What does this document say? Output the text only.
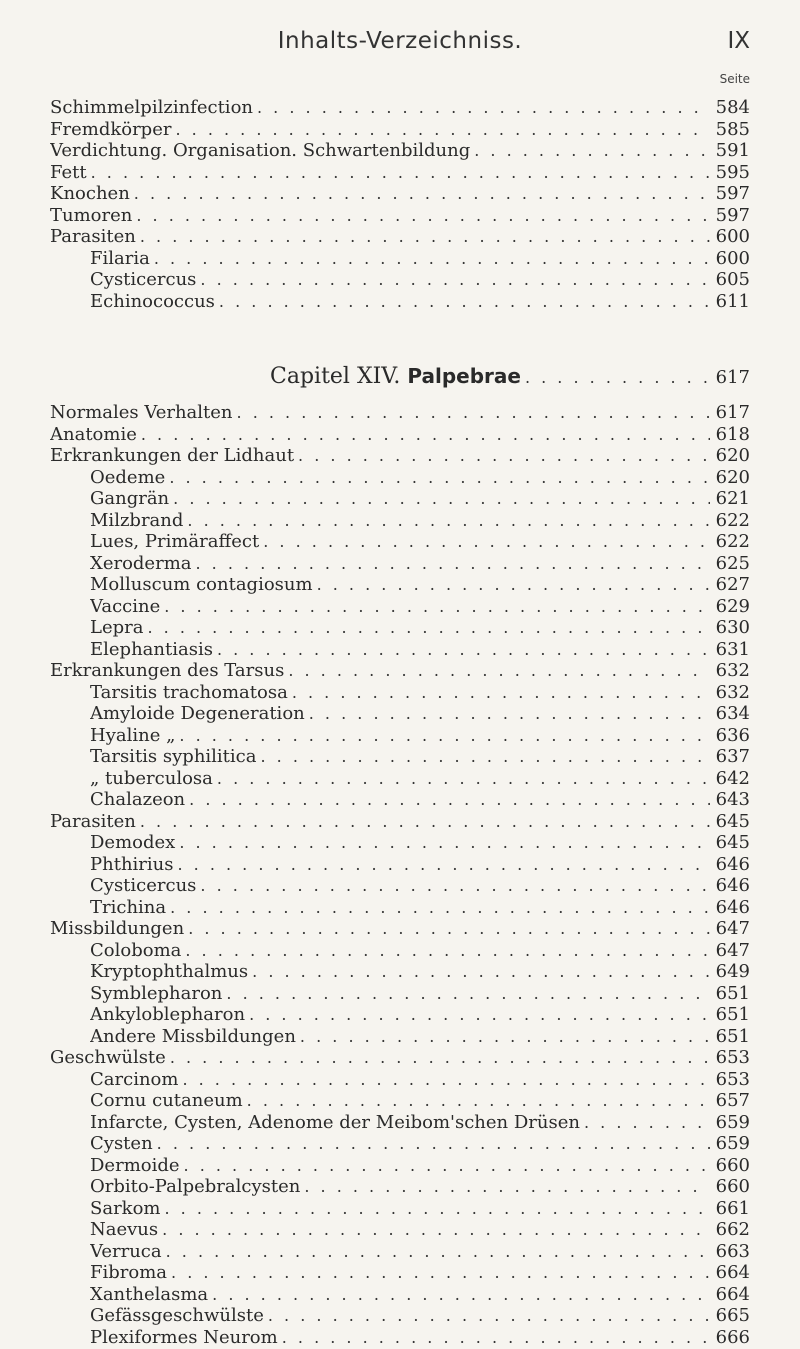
Inhalts-Verzeichniss.	IX
Seite
Schimmelpilzinfection . . .	584
Fremdkörper . . .	585
Verdichtung. Organisation. Schwartenbildung . . .	591
Fett . . .	595
Knochen . . .	597
Tumoren . . .	597
Parasiten . . .	600
Filaria . . .	600
Cysticercus . . .	605
Echinococcus . . .	611
Capitel XIV. Palpebrae . . .	617
Normales Verhalten . . .	617
Anatomie . . .	618
Erkrankungen der Lidhaut . . .	620
Oedeme . . .	620
Gangrän . . .	621
Milzbrand . . .	622
Lues, Primäraffect . . .	622
Xeroderma . . .	625
Molluscum contagiosum . . .	627
Vaccine . . .	629
Lepra . . .	630
Elephantiasis . . .	631
Erkrankungen des Tarsus . . .	632
Tarsitis trachomatosa . . .	632
Amyloide Degeneration . . .	634
Hyaline „ . . .	636
Tarsitis syphilitica . . .	637
„ tuberculosa . . .	642
Chalazeon . . .	643
Parasiten . . .	645
Demodex . . .	645
Phthirius . . .	646
Cysticercus . . .	646
Trichina . . .	646
Missbildungen . . .	647
Coloboma . . .	647
Kryptophthalmus . . .	649
Symblepharon . . .	651
Ankyloblepharon . . .	651
Andere Missbildungen . . .	651
Geschwülste . . .	653
Carcinom . . .	653
Cornu cutaneum . . .	657
Infarcte, Cysten, Adenome der Meibom'schen Drüsen . . .	659
Cysten . . .	659
Dermoide . . .	660
Orbito-Palpebralcysten . . .	660
Sarkom . . .	661
Naevus . . .	662
Verruca . . .	663
Fibroma . . .	664
Xanthelasma . . .	664
Gefässgeschwülste . . .	665
Plexiformes Neurom . . .	666
